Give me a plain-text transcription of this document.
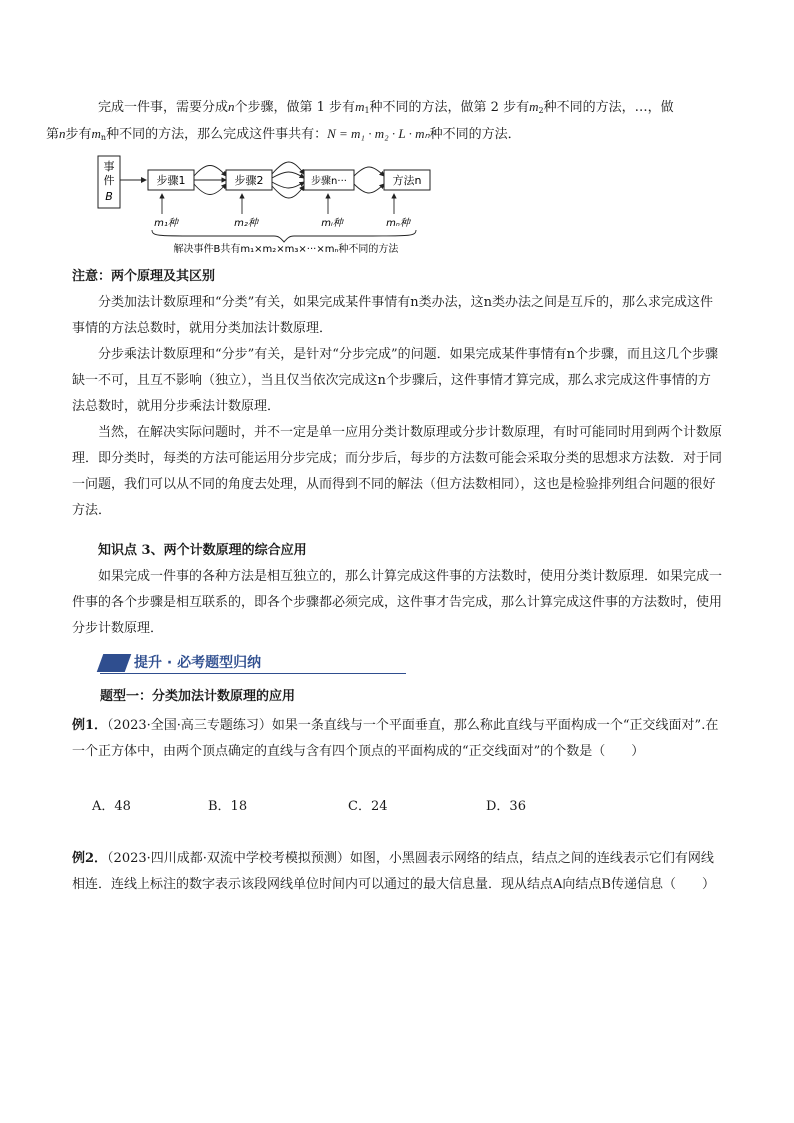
完成一件事，需要分成n个步骤，做第 1 步有$m_1$种不同的方法，做第 2 步有$m_2$种不同的方法，…，做
第n步有$m_n$种不同的方法，那么完成这件事共有：N = m₁ · m₂ · L · mₙ种不同的方法．

事
件
B
步骤1	步骤2	步骤n···	方法n
m₁种	m₂种	mᵢ种	mₙ种
解决事件B共有m₁×m₂×m₃×···×mₙ种不同的方法

注意：两个原理及其区别

分类加法计数原理和“分类”有关，如果完成某件事情有n类办法，这n类办法之间是互斥的，那么求完成这件事情的方法总数时，就用分类加法计数原理．

分步乘法计数原理和“分步”有关，是针对“分步完成”的问题．如果完成某件事情有n个步骤，而且这几个步骤缺一不可，且互不影响（独立），当且仅当依次完成这n个步骤后，这件事情才算完成，那么求完成这件事情的方法总数时，就用分步乘法计数原理．

当然，在解决实际问题时，并不一定是单一应用分类计数原理或分步计数原理，有时可能同时用到两个计数原理．即分类时，每类的方法可能运用分步完成；而分步后，每步的方法数可能会采取分类的思想求方法数．对于同一问题，我们可以从不同的角度去处理，从而得到不同的解法（但方法数相同），这也是检验排列组合问题的很好方法．

知识点 3、两个计数原理的综合应用

如果完成一件事的各种方法是相互独立的，那么计算完成这件事的方法数时，使用分类计数原理．如果完成一件事的各个步骤是相互联系的，即各个步骤都必须完成，这件事才告完成，那么计算完成这件事的方法数时，使用分步计数原理．

提升 · 必考题型归纳

题型一：分类加法计数原理的应用

例1．（2023·全国·高三专题练习）如果一条直线与一个平面垂直，那么称此直线与平面构成一个“正交线面对”.在一个正方体中，由两个顶点确定的直线与含有四个顶点的平面构成的“正交线面对”的个数是（　　）

A．48	B．18	C．24	D．36

例2．（2023·四川成都·双流中学校考模拟预测）如图，小黑圆表示网络的结点，结点之间的连线表示它们有网线相连．连线上标注的数字表示该段网线单位时间内可以通过的最大信息量．现从结点A向结点B传递信息（　　）
